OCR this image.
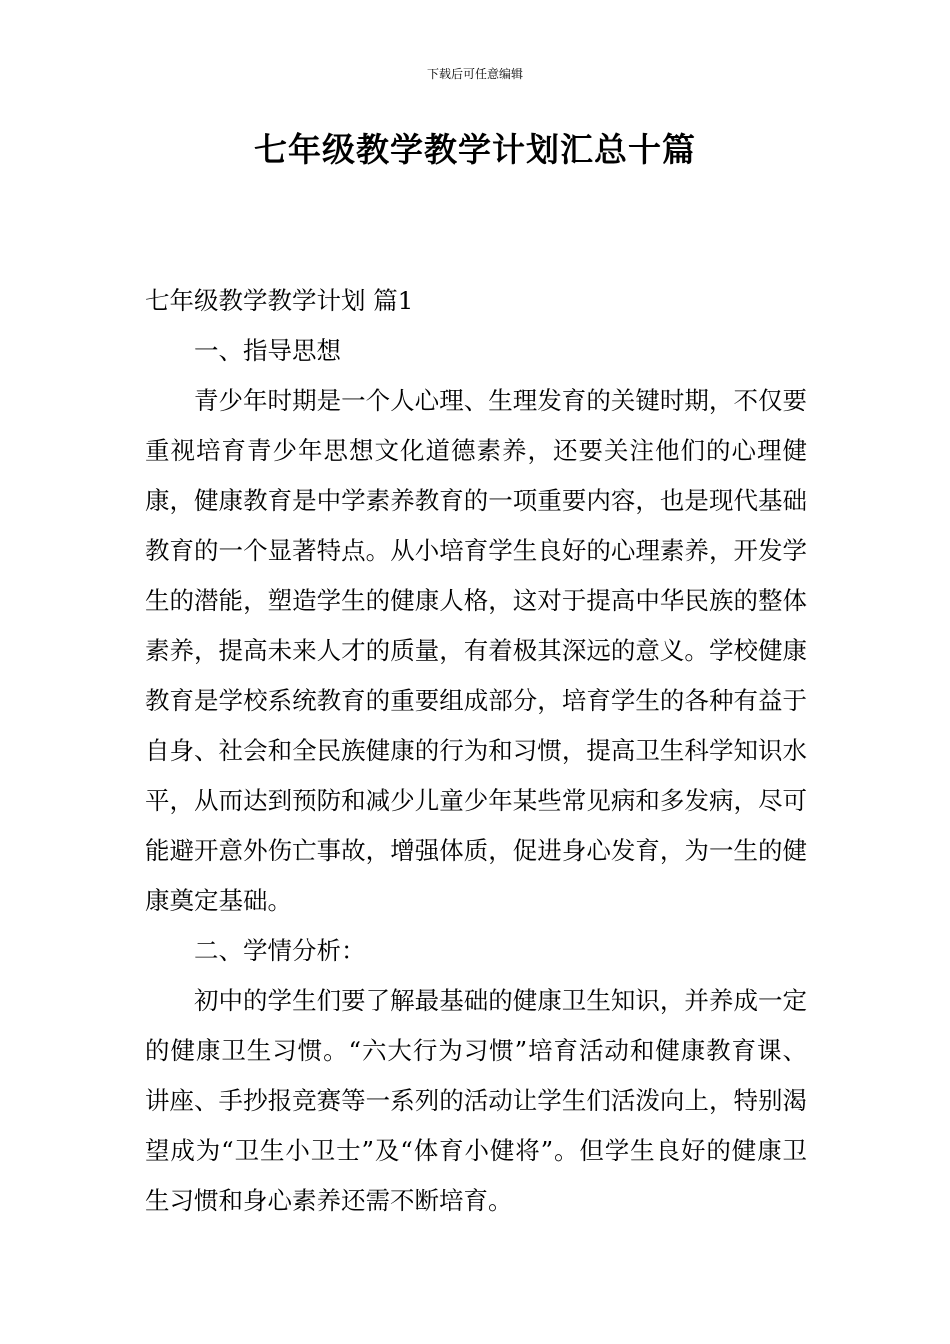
下载后可任意编辑
七年级教学教学计划汇总十篇

七年级教学教学计划 篇1

一、指导思想

青少年时期是一个人心理、生理发育的关键时期，不仅要重视培育青少年思想文化道德素养，还要关注他们的心理健康，健康教育是中学素养教育的一项重要内容，也是现代基础教育的一个显著特点。从小培育学生良好的心理素养，开发学生的潜能，塑造学生的健康人格，这对于提高中华民族的整体素养，提高未来人才的质量，有着极其深远的意义。学校健康教育是学校系统教育的重要组成部分，培育学生的各种有益于自身、社会和全民族健康的行为和习惯，提高卫生科学知识水平，从而达到预防和减少儿童少年某些常见病和多发病，尽可能避开意外伤亡事故，增强体质，促进身心发育，为一生的健康奠定基础。

二、学情分析：

初中的学生们要了解最基础的健康卫生知识，并养成一定的健康卫生习惯。“六大行为习惯”培育活动和健康教育课、讲座、手抄报竞赛等一系列的活动让学生们活泼向上，特别渴望成为“卫生小卫士”及“体育小健将”。但学生良好的健康卫生习惯和身心素养还需不断培育。
